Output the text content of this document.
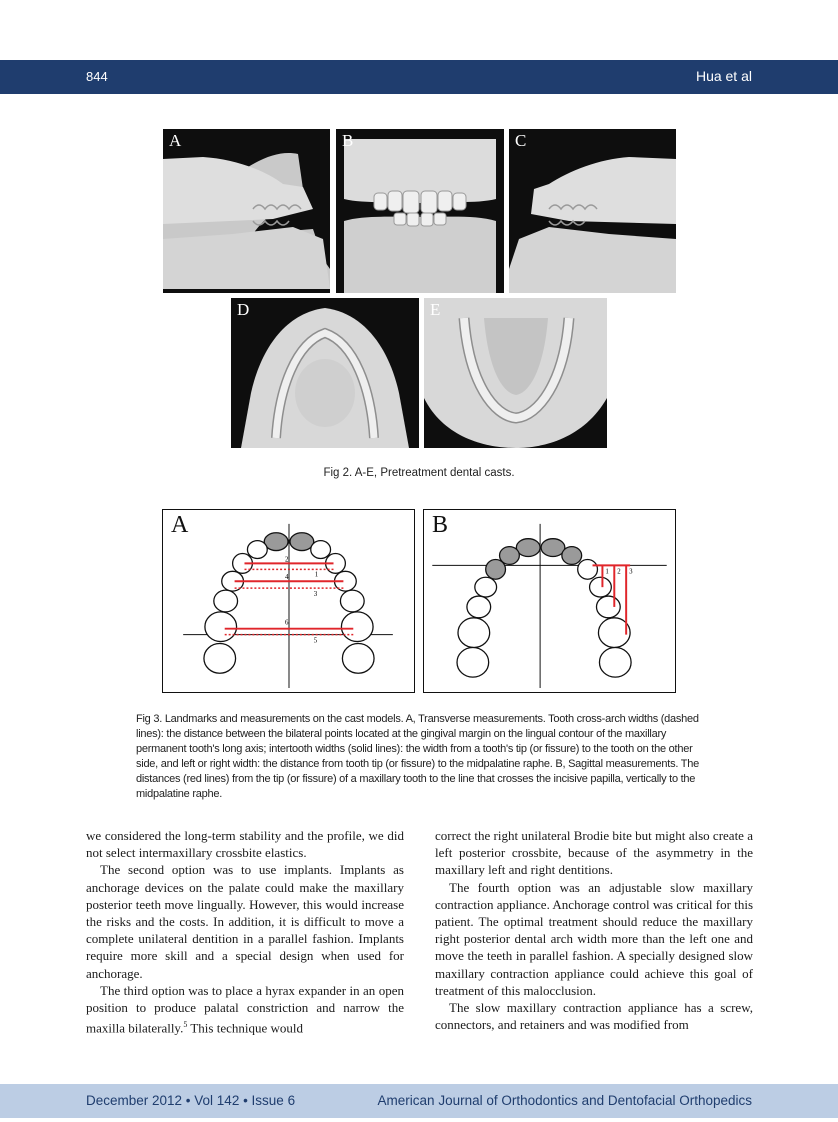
844	Hua et al
A	B	C
D	E
Fig 2. A-E, Pretreatment dental casts.
A
1
2
3
4
5
6
B
1 2 3
Fig 3. Landmarks and measurements on the cast models. A, Transverse measurements. Tooth cross-arch widths (dashed lines): the distance between the bilateral points located at the gingival margin on the lingual contour of the maxillary permanent tooth's long axis; intertooth widths (solid lines): the width from a tooth's tip (or fissure) to the tooth on the other side, and left or right width: the distance from tooth tip (or fissure) to the midpalatine raphe. B, Sagittal measurements. The distances (red lines) from the tip (or fissure) of a maxillary tooth to the line that crosses the incisive papilla, vertically to the midpalatine raphe.

we considered the long-term stability and the profile, we did not select intermaxillary crossbite elastics.

The second option was to use implants. Implants as anchorage devices on the palate could make the maxillary posterior teeth move lingually. However, this would increase the risks and the costs. In addition, it is difficult to move a complete unilateral dentition in a parallel fashion. Implants require more skill and a special design when used for anchorage.

The third option was to place a hyrax expander in an open position to produce palatal constriction and narrow the maxilla bilaterally.$^5$ This technique would

correct the right unilateral Brodie bite but might also create a left posterior crossbite, because of the asymmetry in the maxillary left and right dentitions.

The fourth option was an adjustable slow maxillary contraction appliance. Anchorage control was critical for this patient. The optimal treatment should reduce the maxillary right posterior dental arch width more than the left one and move the teeth in parallel fashion. A specially designed slow maxillary contraction appliance could achieve this goal of treatment of this malocclusion.

The slow maxillary contraction appliance has a screw, connectors, and retainers and was modified from

December 2012 • Vol 142 • Issue 6	American Journal of Orthodontics and Dentofacial Orthopedics
